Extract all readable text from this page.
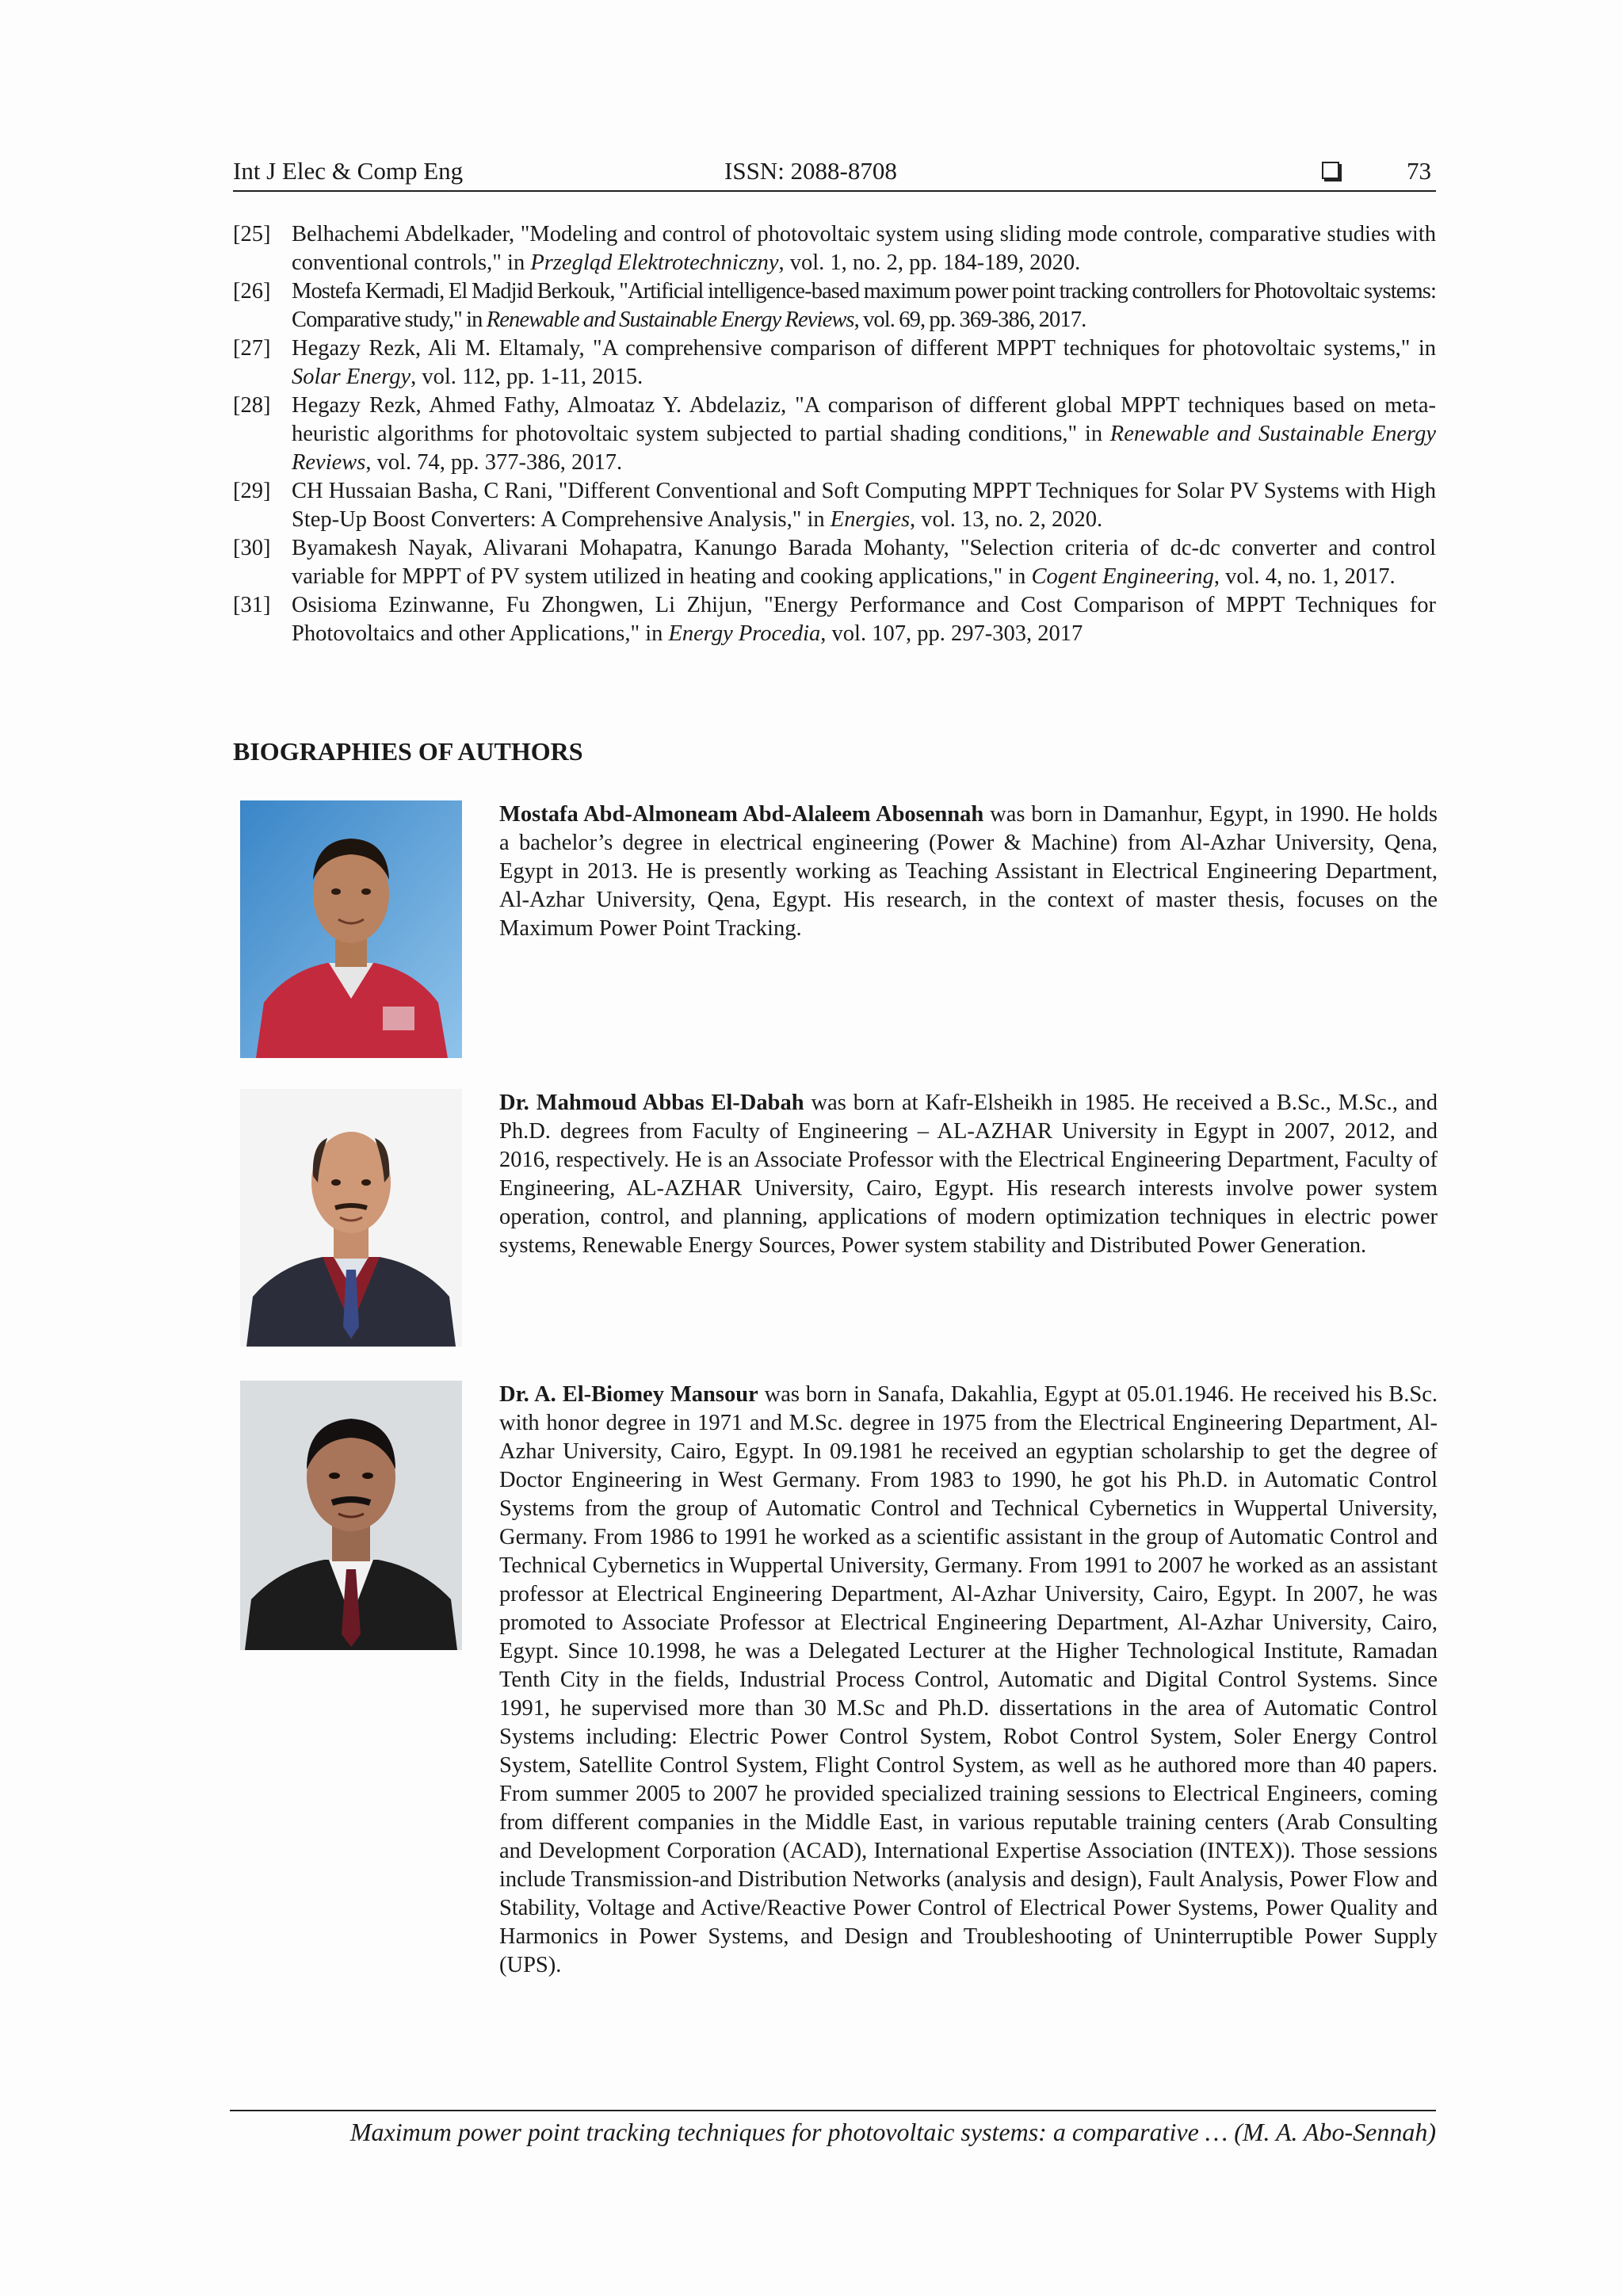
Int J Elec & Comp Eng	ISSN: 2088-8708	73
[25] Belhachemi Abdelkader, "Modeling and control of photovoltaic system using sliding mode controle, comparative studies with conventional controls," in Przegląd Elektrotechniczny, vol. 1, no. 2, pp. 184-189, 2020.
[26] Mostefa Kermadi, El Madjid Berkouk, "Artificial intelligence-based maximum power point tracking controllers for Photovoltaic systems: Comparative study," in Renewable and Sustainable Energy Reviews, vol. 69, pp. 369-386, 2017.
[27] Hegazy Rezk, Ali M. Eltamaly, "A comprehensive comparison of different MPPT techniques for photovoltaic systems," in Solar Energy, vol. 112, pp. 1-11, 2015.
[28] Hegazy Rezk, Ahmed Fathy, Almoataz Y. Abdelaziz, "A comparison of different global MPPT techniques based on meta-heuristic algorithms for photovoltaic system subjected to partial shading conditions," in Renewable and Sustainable Energy Reviews, vol. 74, pp. 377-386, 2017.
[29] CH Hussaian Basha, C Rani, "Different Conventional and Soft Computing MPPT Techniques for Solar PV Systems with High Step-Up Boost Converters: A Comprehensive Analysis," in Energies, vol. 13, no. 2, 2020.
[30] Byamakesh Nayak, Alivarani Mohapatra, Kanungo Barada Mohanty, "Selection criteria of dc-dc converter and control variable for MPPT of PV system utilized in heating and cooking applications," in Cogent Engineering, vol. 4, no. 1, 2017.
[31] Osisioma Ezinwanne, Fu Zhongwen, Li Zhijun, "Energy Performance and Cost Comparison of MPPT Techniques for Photovoltaics and other Applications," in Energy Procedia, vol. 107, pp. 297-303, 2017
BIOGRAPHIES OF AUTHORS

Mostafa Abd-Almoneam Abd-Alaleem Abosennah was born in Damanhur, Egypt, in 1990. He holds a bachelor’s degree in electrical engineering (Power & Machine) from Al-Azhar University, Qena, Egypt in 2013. He is presently working as Teaching Assistant in Electrical Engineering Department, Al-Azhar University, Qena, Egypt. His research, in the context of master thesis, focuses on the Maximum Power Point Tracking.

Dr. Mahmoud Abbas El-Dabah was born at Kafr-Elsheikh in 1985. He received a B.Sc., M.Sc., and Ph.D. degrees from Faculty of Engineering – AL-AZHAR University in Egypt in 2007, 2012, and 2016, respectively. He is an Associate Professor with the Electrical Engineering Department, Faculty of Engineering, AL-AZHAR University, Cairo, Egypt. His research interests involve power system operation, control, and planning, applications of modern optimization techniques in electric power systems, Renewable Energy Sources, Power system stability and Distributed Power Generation.

Dr. A. El-Biomey Mansour was born in Sanafa, Dakahlia, Egypt at 05.01.1946. He received his B.Sc. with honor degree in 1971 and M.Sc. degree in 1975 from the Electrical Engineering Department, Al-Azhar University, Cairo, Egypt. In 09.1981 he received an egyptian scholarship to get the degree of Doctor Engineering in West Germany. From 1983 to 1990, he got his Ph.D. in Automatic Control Systems from the group of Automatic Control and Technical Cybernetics in Wuppertal University, Germany. From 1986 to 1991 he worked as a scientific assistant in the group of Automatic Control and Technical Cybernetics in Wuppertal University, Germany. From 1991 to 2007 he worked as an assistant professor at Electrical Engineering Department, Al-Azhar University, Cairo, Egypt. In 2007, he was promoted to Associate Professor at Electrical Engineering Department, Al-Azhar University, Cairo, Egypt. Since 10.1998, he was a Delegated Lecturer at the Higher Technological Institute, Ramadan Tenth City in the fields, Industrial Process Control, Automatic and Digital Control Systems. Since 1991, he supervised more than 30 M.Sc and Ph.D. dissertations in the area of Automatic Control Systems including: Electric Power Control System, Robot Control System, Soler Energy Control System, Satellite Control System, Flight Control System, as well as he authored more than 40 papers. From summer 2005 to 2007 he provided specialized training sessions to Electrical Engineers, coming from different companies in the Middle East, in various reputable training centers (Arab Consulting and Development Corporation (ACAD), International Expertise Association (INTEX)). Those sessions include Transmission-and Distribution Networks (analysis and design), Fault Analysis, Power Flow and Stability, Voltage and Active/Reactive Power Control of Electrical Power Systems, Power Quality and Harmonics in Power Systems, and Design and Troubleshooting of Uninterruptible Power Supply (UPS).

Maximum power point tracking techniques for photovoltaic systems: a comparative … (M. A. Abo-Sennah)
